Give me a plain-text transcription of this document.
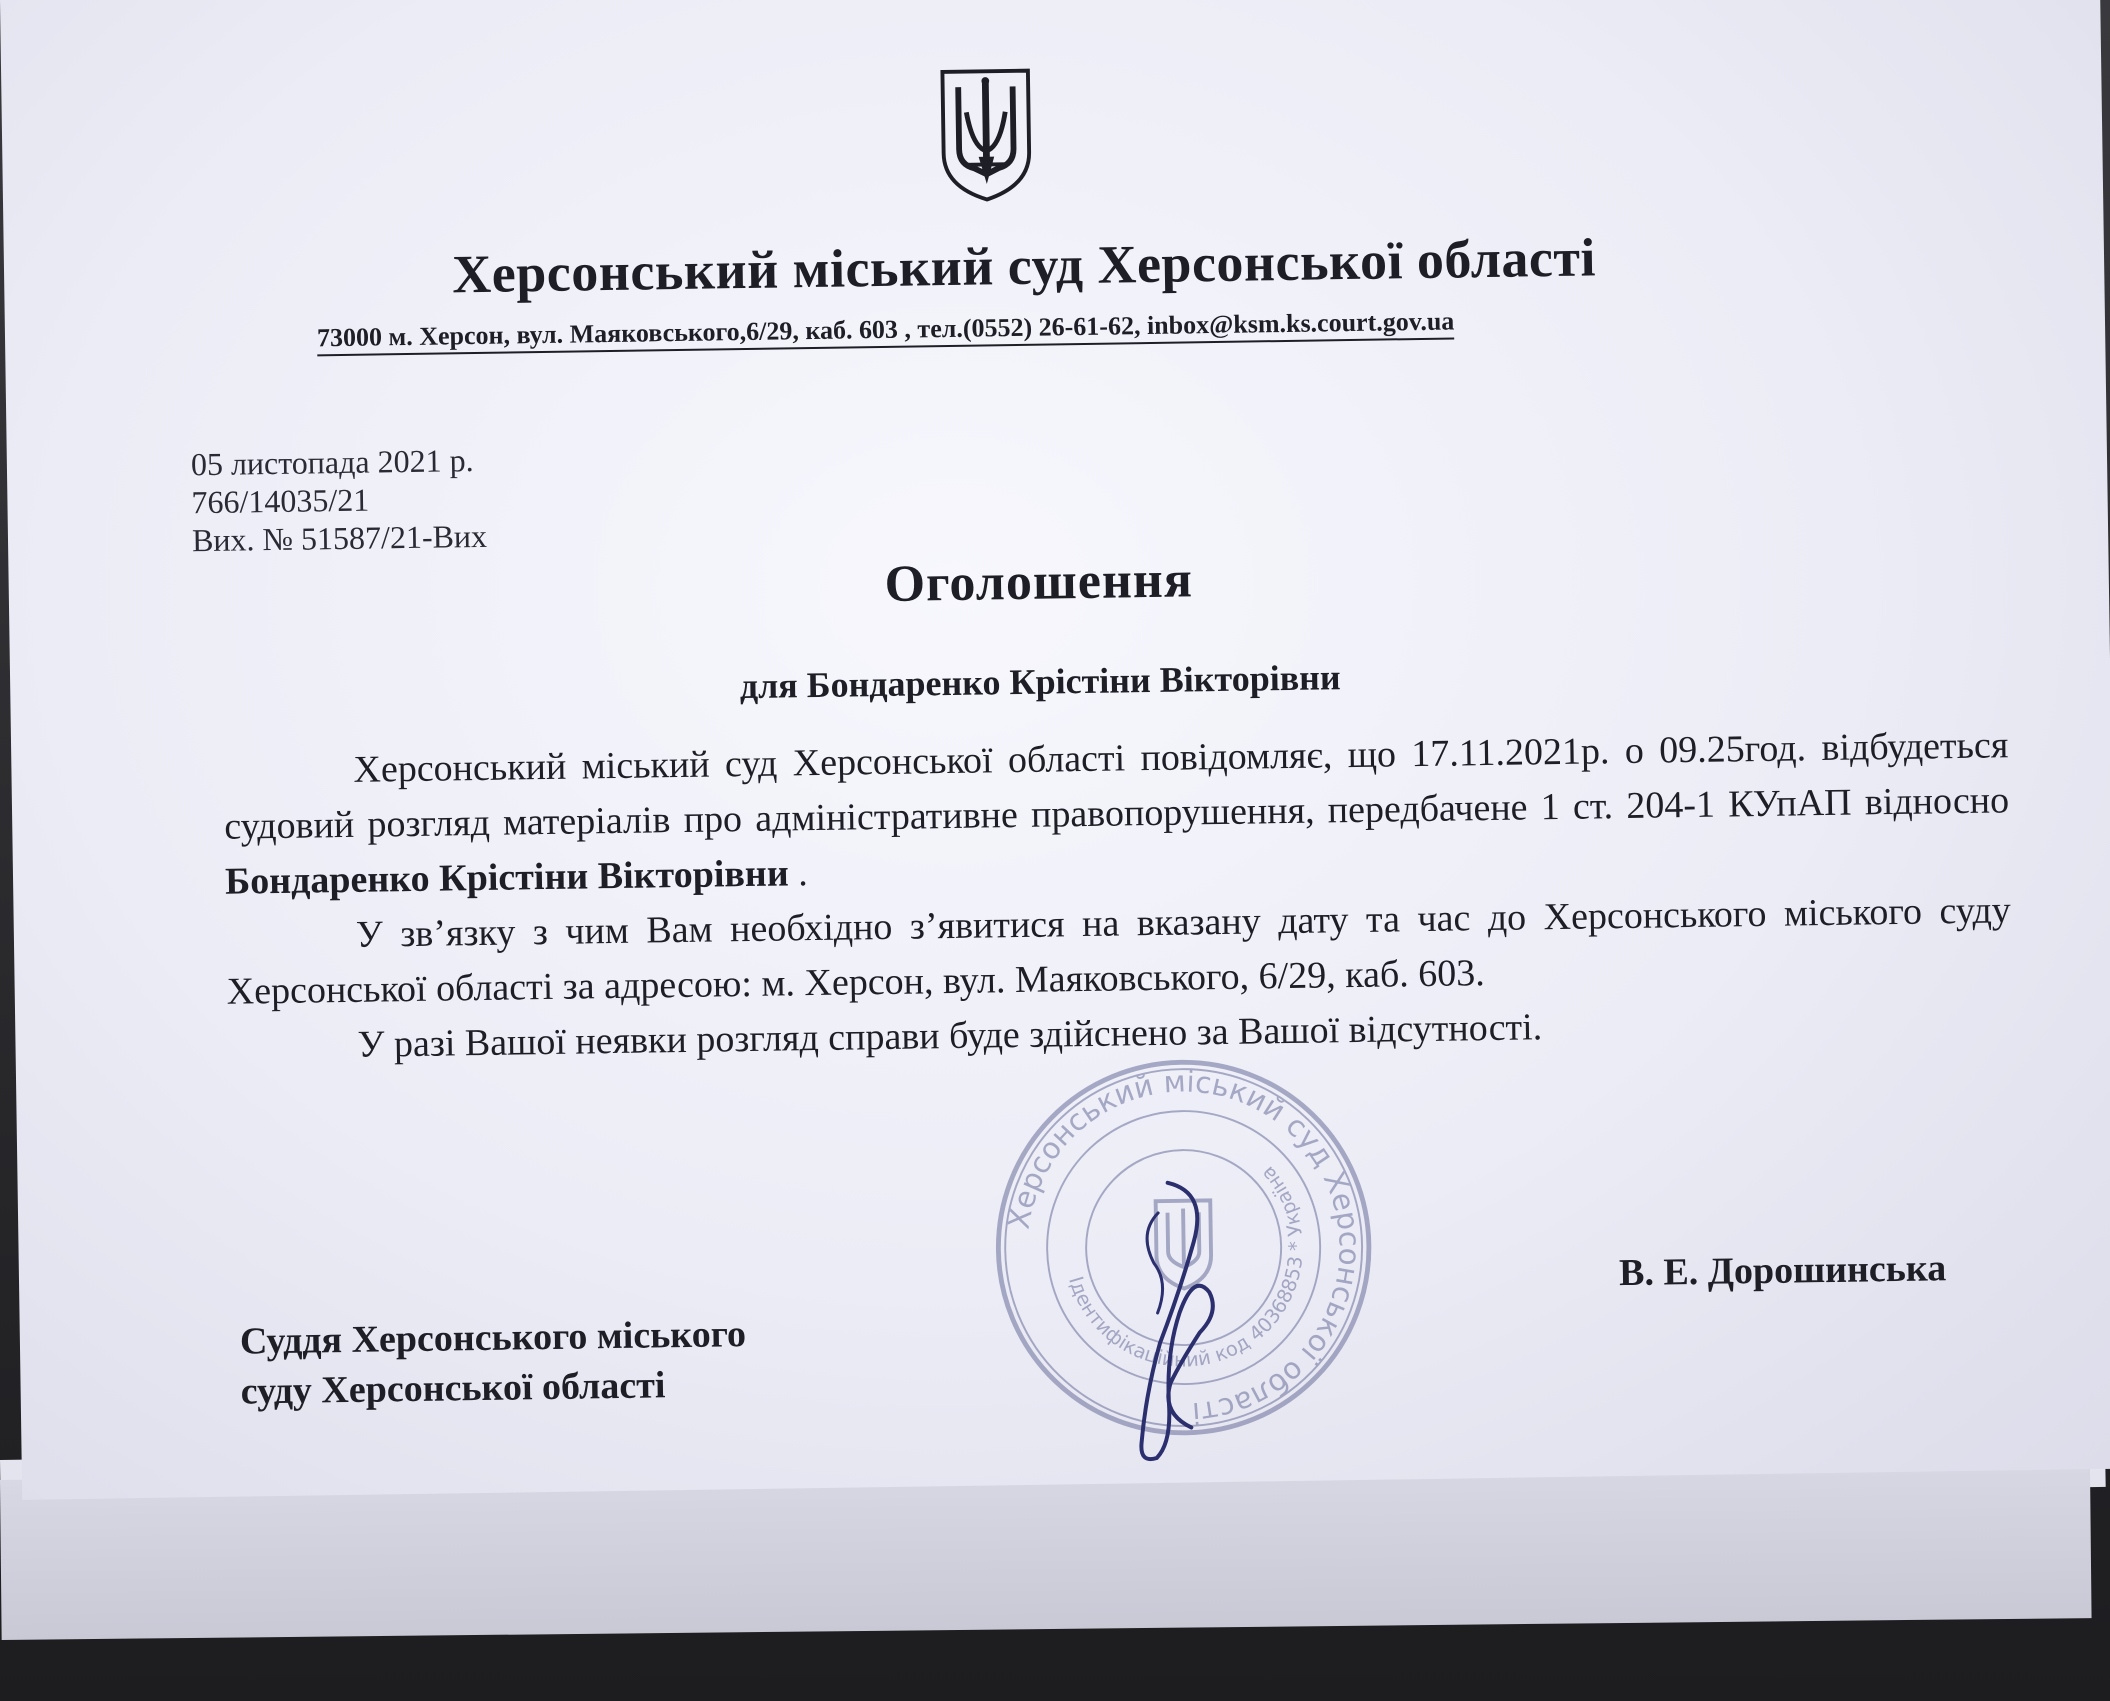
Херсонський міський суд Херсонської області
73000 м. Херсон, вул. Маяковського,6/29, каб. 603 , тел.(0552) 26-61-62, inbox@ksm.ks.court.gov.ua
05 листопада 2021 р.
766/14035/21
Вих. № 51587/21-Вих
Оголошення
для Бондаренко Крістіни Вікторівни

Херсонський міський суд Херсонської області повідомляє, що 17.11.2021р. о 09.25год. відбудеться судовий розгляд матеріалів про адміністративне правопорушення, передбачене 1 ст. 204-1 КУпАП відносно Бондаренко Крістіни Вікторівни .

У зв’язку з чим Вам необхідно з’явитися на вказану дату та час до Херсонського міського суду Херсонської області за адресою: м. Херсон, вул. Маяковського, 6/29, каб. 603.

У разі Вашої неявки розгляд справи буде здійснено за Вашої відсутності.

В. Е. Дорошинська
Суддя Херсонського міського
суду Херсонської області
Херсонський міський суд Херсонської області
Ідентифікаційний код 40368853 * Україна
